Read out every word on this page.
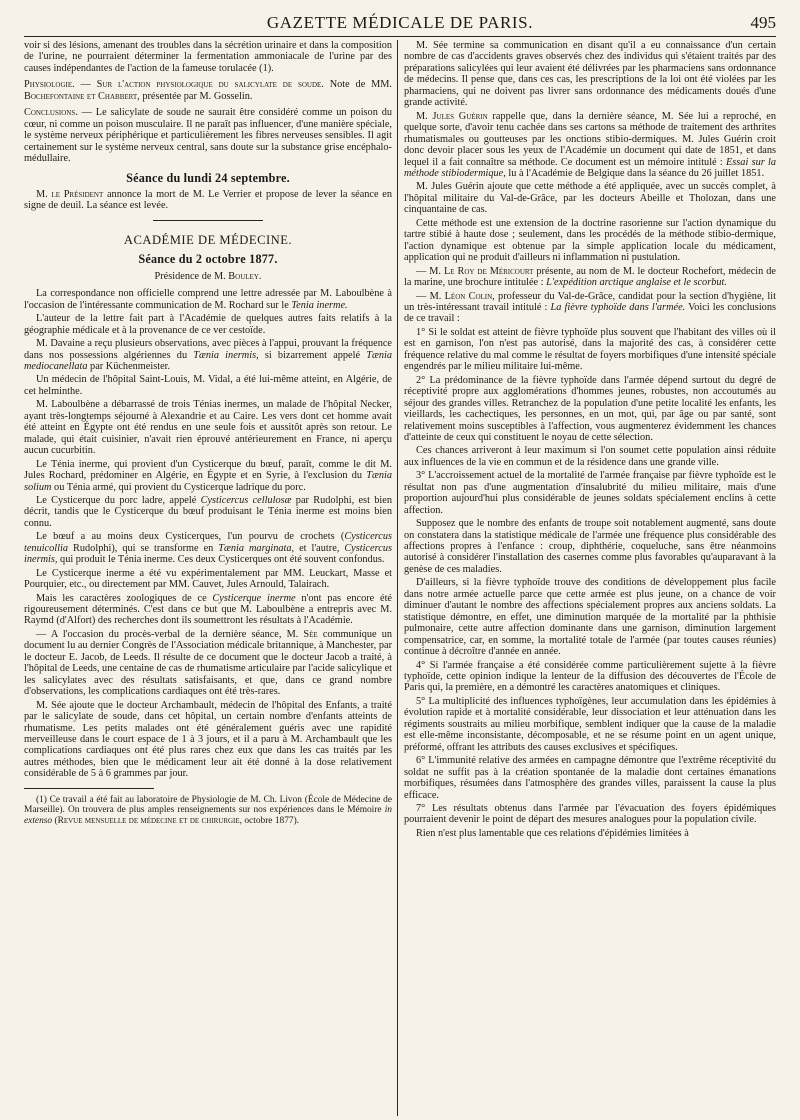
GAZETTE MÉDICALE DE PARIS.	495

voir si des lésions, amenant des troubles dans la sécrétion urinaire et dans la composition de l'urine, ne pourraient déterminer la fermentation ammoniacale de l'urine par des causes indépendantes de l'action de la fameuse torulacée (1).

Physiologie. — Sur l'action physiologique du salicylate de soude. Note de MM. Bochefontaine et Chabbert, présentée par M. Gosselin.

Conclusions. — Le salicylate de soude ne saurait être considéré comme un poison du cœur, ni comme un poison musculaire. Il ne paraît pas influencer, d'une manière spéciale, le système nerveux périphérique et particulièrement les fibres nerveuses sensibles. Il agit certainement sur le système nerveux central, sans doute sur la substance grise encéphalo-médullaire.

Séance du lundi 24 septembre.

M. le Président annonce la mort de M. Le Verrier et propose de lever la séance en signe de deuil. La séance est levée.

ACADÉMIE DE MÉDECINE.
Séance du 2 octobre 1877.
Présidence de M. Bouley.

La correspondance non officielle comprend une lettre adressée par M. Laboulbène à l'occasion de l'intéressante communication de M. Rochard sur le Tenia inerme.

L'auteur de la lettre fait part à l'Académie de quelques autres faits relatifs à la géographie médicale et à la provenance de ce ver cestoïde.

M. Davaine a reçu plusieurs observations, avec pièces à l'appui, prouvant la fréquence dans nos possessions algériennes du Tænia inermis, si bizarrement appelé Tænia mediocanellata par Küchenmeister.

Un médecin de l'hôpital Saint-Louis, M. Vidal, a été lui-même atteint, en Algérie, de cet helminthe.

M. Laboulbène a débarrassé de trois Ténias inermes, un malade de l'hôpital Necker, ayant très-longtemps séjourné à Alexandrie et au Caire. Les vers dont cet homme avait été atteint en Égypte ont été rendus en une seule fois et aussitôt après son retour. Le malade, qui était cuisinier, n'avait rien éprouvé antérieurement en France, ni aperçu aucun cucurbitin.

Le Ténia inerme, qui provient d'un Cysticerque du bœuf, paraît, comme le dit M. Jules Rochard, prédominer en Algérie, en Égypte et en Syrie, à l'exclusion du Tænia solium ou Ténia armé, qui provient du Cysticerque ladrique du porc.

Le Cysticerque du porc ladre, appelé Cysticercus cellulosæ par Rudolphi, est bien décrit, tandis que le Cysticerque du bœuf produisant le Ténia inerme est moins bien connu.

Le bœuf a au moins deux Cysticerques, l'un pourvu de crochets (Cysticercus tenuicollia Rudolphi), qui se transforme en Tænia marginata, et l'autre, Cysticercus inermis, qui produit le Ténia inerme. Ces deux Cysticerques ont été souvent confondus.

Le Cysticerque inerme a été vu expérimentalement par MM. Leuckart, Masse et Pourquier, etc., ou directement par MM. Cauvet, Jules Arnould, Talairach.

Mais les caractères zoologiques de ce Cysticerque inerme n'ont pas encore été rigoureusement déterminés. C'est dans ce but que M. Laboulbène a entrepris avec M. Raymd (d'Alfort) des recherches dont ils soumettront les résultats à l'Académie.

— A l'occasion du procès-verbal de la dernière séance, M. Sée communique un document lu au dernier Congrès de l'Association médicale britannique, à Manchester, par le docteur E. Jacob, de Leeds. Il résulte de ce document que le docteur Jacob a traité, à l'hôpital de Leeds, une centaine de cas de rhumatisme articulaire par l'acide salicylique et les salicylates avec des résultats satisfaisants, et que, dans ce grand nombre d'observations, les complications cardiaques ont été très-rares.

M. Sée ajoute que le docteur Archambault, médecin de l'hôpital des Enfants, a traité par le salicylate de soude, dans cet hôpital, un certain nombre d'enfants atteints de rhumatisme. Les petits malades ont été généralement guéris avec une rapidité merveilleuse dans le court espace de 1 à 3 jours, et il a paru à M. Archambault que les complications cardiaques ont été plus rares chez eux que dans les cas traités par les autres méthodes, bien que le médicament leur ait été donné à la dose relativement considérable de 5 à 6 grammes par jour.

(1) Ce travail a été fait au laboratoire de Physiologie de M. Ch. Livon (École de Médecine de Marseille). On trouvera de plus amples renseignements sur nos expériences dans le Mémoire in extenso (Revue mensuelle de médecine et de chirurgie, octobre 1877).

M. Sée termine sa communication en disant qu'il a eu connaissance d'un certain nombre de cas d'accidents graves observés chez des individus qui s'étaient traités par des préparations salicylées qui leur avaient été délivrées par les pharmaciens sans ordonnance de médecins. Il pense que, dans ces cas, les prescriptions de la loi ont été violées par les pharmaciens, qui ne doivent pas livrer sans ordonnance des médicaments doués d'une grande activité.

M. Jules Guérin rappelle que, dans la dernière séance, M. Sée lui a reproché, en quelque sorte, d'avoir tenu cachée dans ses cartons sa méthode de traitement des arthrites rhumatismales ou goutteuses par les onctions stibio-dermiques. M. Jules Guérin croit donc devoir placer sous les yeux de l'Académie un document qui date de 1851, et dans lequel il a fait connaître sa méthode. Ce document est un mémoire intitulé : Essai sur la méthode stibiodermique, lu à l'Académie de Belgique dans la séance du 26 juillet 1851.

M. Jules Guérin ajoute que cette méthode a été appliquée, avec un succès complet, à l'hôpital militaire du Val-de-Grâce, par les docteurs Abeille et Tholozan, dans une cinquantaine de cas.

Cette méthode est une extension de la doctrine rasorienne sur l'action dynamique du tartre stibié à haute dose ; seulement, dans les procédés de la méthode stibio-dermique, l'action dynamique est obtenue par la simple application locale du médicament, application qui ne produit d'ailleurs ni inflammation ni pustulation.

— M. Le Roy de Méricourt présente, au nom de M. le docteur Rochefort, médecin de la marine, une brochure intitulée : L'expédition arctique anglaise et le scorbut.

— M. Léon Colin, professeur du Val-de-Grâce, candidat pour la section d'hygiène, lit un très-intéressant travail intitulé : La fièvre typhoïde dans l'armée. Voici les conclusions de ce travail :

1° Si le soldat est atteint de fièvre typhoïde plus souvent que l'habitant des villes où il est en garnison, l'on n'est pas autorisé, dans la majorité des cas, à considérer cette fréquence relative du mal comme le résultat de foyers morbifiques d'une intensité spéciale engendrés par le milieu militaire lui-même.

2° La prédominance de la fièvre typhoïde dans l'armée dépend surtout du degré de réceptivité propre aux agglomérations d'hommes jeunes, robustes, non accoutumés au séjour des grandes villes. Retranchez de la population d'une petite localité les enfants, les vieillards, les cachectiques, les personnes, en un mot, qui, par âge ou par santé, sont relativement moins susceptibles à l'affection, vous augmenterez évidemment les chances d'atteinte de ceux qui constituent le noyau de cette sélection.

Ces chances arriveront à leur maximum si l'on soumet cette population ainsi réduite aux influences de la vie en commun et de la résidence dans une grande ville.

3° L'accroissement actuel de la mortalité de l'armée française par fièvre typhoïde est le résultat non pas d'une augmentation d'insalubrité du milieu militaire, mais d'une proportion aujourd'hui plus considérable de jeunes soldats spécialement enclins à cette affection.

Supposez que le nombre des enfants de troupe soit notablement augmenté, sans doute on constatera dans la statistique médicale de l'armée une fréquence plus considérable des affections propres à l'enfance : croup, diphthérie, coqueluche, sans être néanmoins autorisé à considérer l'installation des casernes comme plus favorables qu'auparavant à la genèse de ces maladies.

D'ailleurs, si la fièvre typhoïde trouve des conditions de développement plus facile dans notre armée actuelle parce que cette armée est plus jeune, on a chance de voir diminuer d'autant le nombre des affections spécialement propres aux anciens soldats. La statistique démontre, en effet, une diminution marquée de la mortalité par la phthisie pulmonaire, cette autre affection dominante dans une garnison, diminution largement compensatrice, car, en somme, la mortalité totale de l'armée (par toutes causes réunies) continue à décroître d'année en année.

4° Si l'armée française a été considérée comme particulièrement sujette à la fièvre typhoïde, cette opinion indique la lenteur de la diffusion des découvertes de l'École de Paris qui, la première, en a démontré les caractères anatomiques et cliniques.

5° La multiplicité des influences typhoïgènes, leur accumulation dans les épidémies à évolution rapide et à mortalité considérable, leur dissociation et leur atténuation dans les régiments soustraits au milieu morbifique, semblent indiquer que la cause de la maladie est elle-même inconsistante, décomposable, et ne se résume point en un agent unique, préformé, offrant les attributs des causes exclusives et spécifiques.

6° L'immunité relative des armées en campagne démontre que l'extrême réceptivité du soldat ne suffit pas à la création spontanée de la maladie dont certaines émanations morbifiques, résumées dans l'atmosphère des grandes villes, paraissent la cause la plus efficace.

7° Les résultats obtenus dans l'armée par l'évacuation des foyers épidémiques pourraient devenir le point de départ des mesures analogues pour la population civile.

Rien n'est plus lamentable que ces relations d'épidémies limitées à
